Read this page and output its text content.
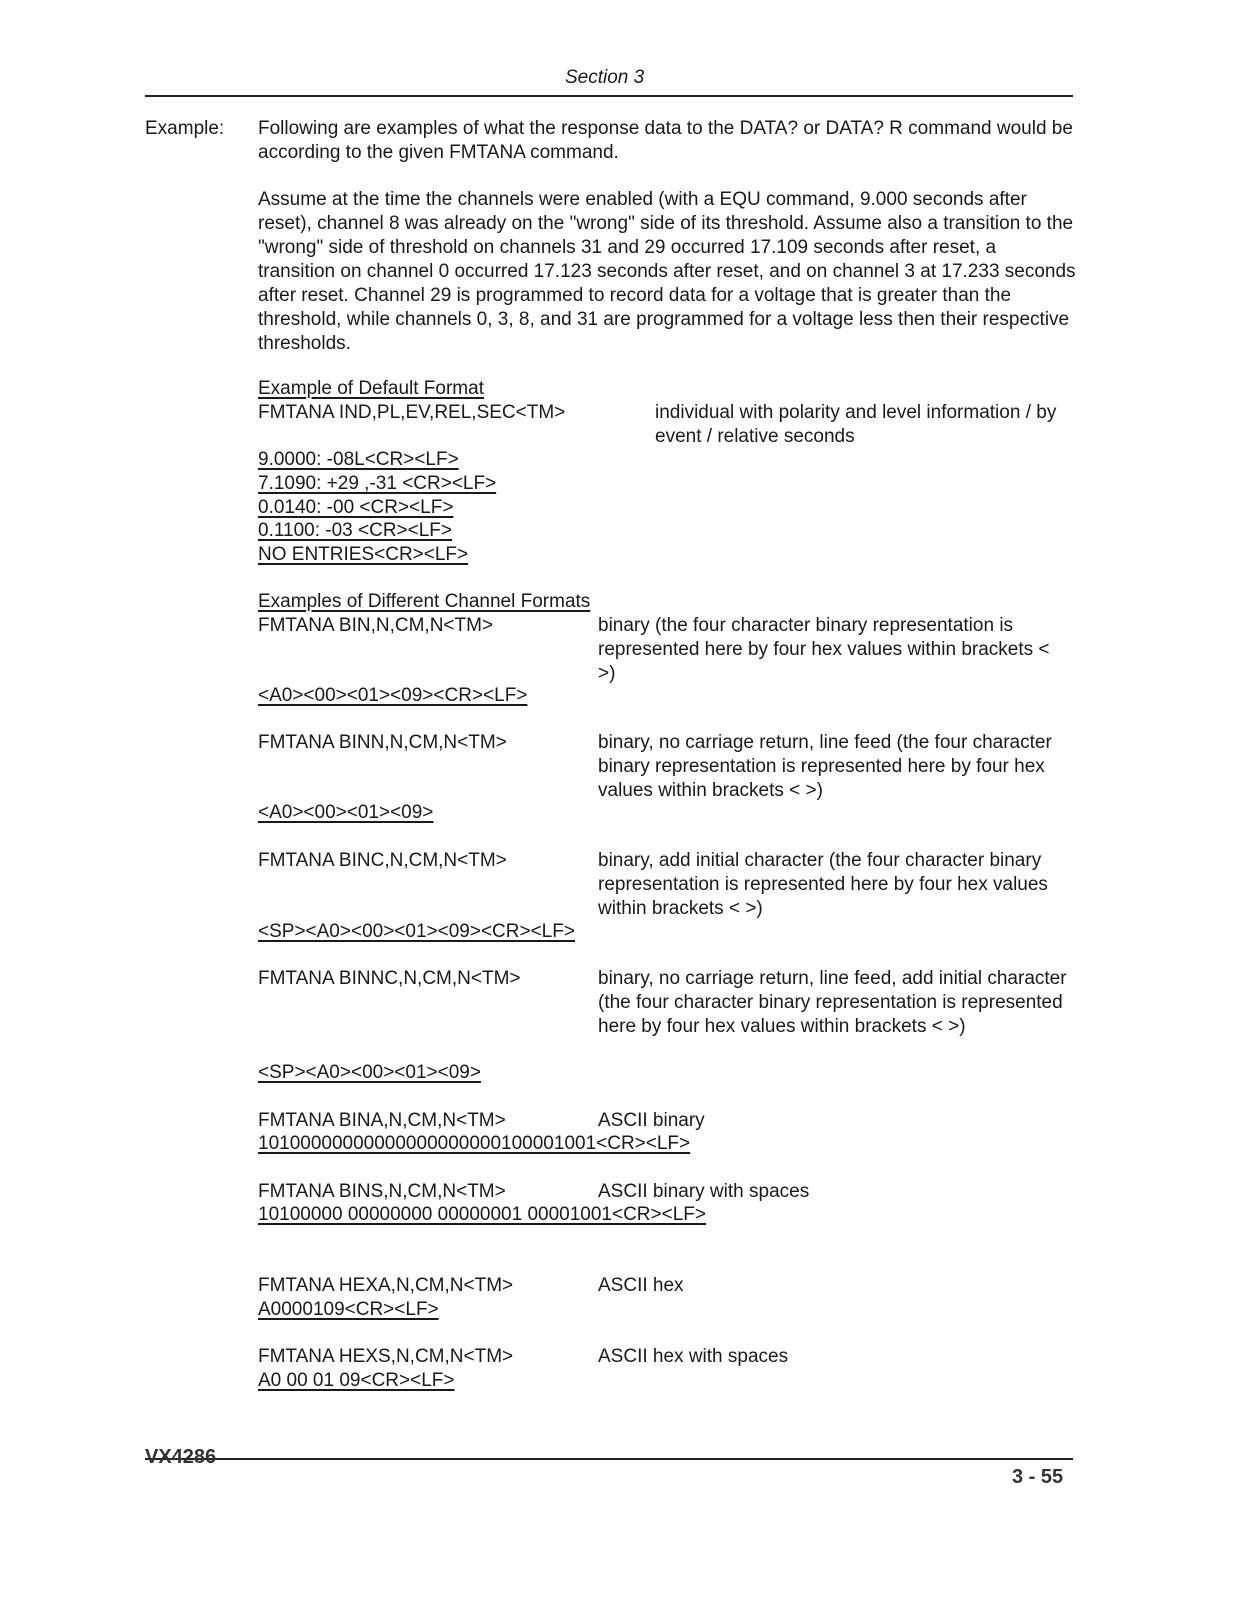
Section 3
Example: Following are examples of what the response data to the DATA? or DATA? R command would be according to the given FMTANA command.
Assume at the time the channels were enabled (with a EQU command, 9.000 seconds after reset), channel 8 was already on the "wrong" side of its threshold. Assume also a transition to the "wrong" side of threshold on channels 31 and 29 occurred 17.109 seconds after reset, a transition on channel 0 occurred 17.123 seconds after reset, and on channel 3 at 17.233 seconds after reset. Channel 29 is programmed to record data for a voltage that is greater than the threshold, while channels 0, 3, 8, and 31 are programmed for a voltage less then their respective thresholds.
Example of Default Format
FMTANA IND,PL,EV,REL,SEC<TM>	individual with polarity and level information / by event / relative seconds
9.0000: -08L<CR><LF>
7.1090: +29 ,-31 <CR><LF>
0.0140: -00 <CR><LF>
0.1100: -03 <CR><LF>
NO ENTRIES<CR><LF>
Examples of Different Channel Formats
FMTANA BIN,N,CM,N<TM>	binary (the four character binary representation is represented here by four hex values within brackets < >)
<A0><00><01><09><CR><LF>
FMTANA BINN,N,CM,N<TM>	binary, no carriage return, line feed (the four character binary representation is represented here by four hex values within brackets < >)
<A0><00><01><09>
FMTANA BINC,N,CM,N<TM>	binary, add initial character (the four character binary representation is represented here by four hex values within brackets < >)
<SP><A0><00><01><09><CR><LF>
FMTANA BINNC,N,CM,N<TM>	binary, no carriage return, line feed, add initial character (the four character binary representation is represented here by four hex values within brackets < >)
<SP><A0><00><01><09>
FMTANA BINA,N,CM,N<TM>	ASCII binary
10100000000000000000000100001001<CR><LF>
FMTANA BINS,N,CM,N<TM>	ASCII binary with spaces
10100000 00000000 00000001 00001001<CR><LF>
FMTANA HEXA,N,CM,N<TM>	ASCII hex
A0000109<CR><LF>
FMTANA HEXS,N,CM,N<TM>	ASCII hex with spaces
A0 00 01 09<CR><LF>
VX4286
3 - 55
